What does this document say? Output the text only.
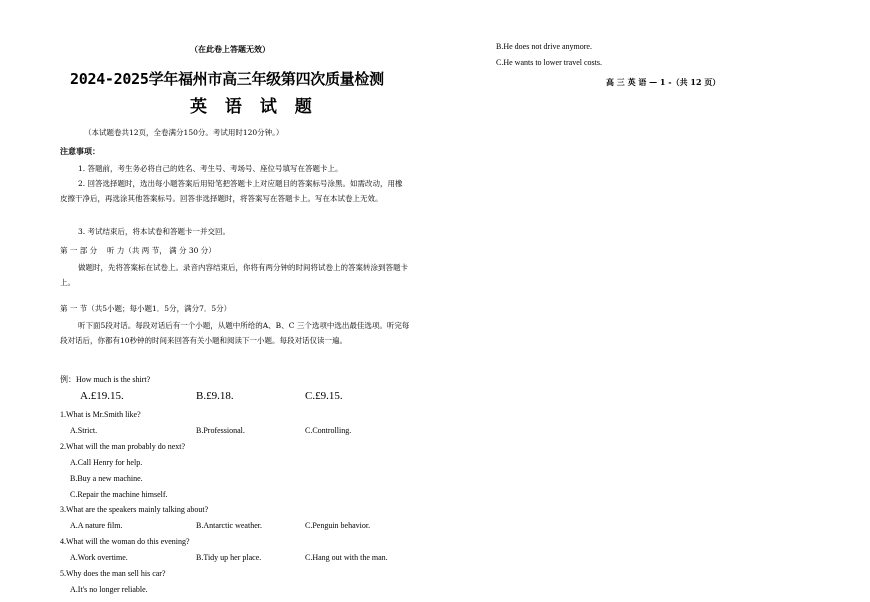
（在此卷上答题无效）
2024-2025学年福州市高三年级第四次质量检测
英 语 试 题
（本试题卷共12页，全卷满分150分。考试用时120分钟。）
注意事项：
1. 答题前，考生务必将自己的姓名、考生号、考场号、座位号填写在答题卡上。
2. 回答选择题时，选出每小题答案后用铅笔把答题卡上对应题目的答案标号涂黑。如需改动，用橡皮擦干净后，再选涂其他答案标号。回答非选择题时，将答案写在答题卡上。写在本试卷上无效。
3. 考试结束后，将本试卷和答题卡一并交回。
第 一 部 分　 听 力（共 两 节， 满 分 30 分）
做题时，先将答案标在试卷上。录音内容结束后，你将有两分钟的时间将试卷上的答案转涂到答题卡上。
第 一 节（共5小题；每小题1．5分，满分7．5分）
听下面5段对话。每段对话后有一个小题，从题中所给的A、B、C 三个选项中选出最佳选项。听完每段对话后，你都有10秒钟的时间来回答有关小题和阅读下一小题。每段对话仅读一遍。
例：How much is the shirt?
A.£19.15.	B.£9.18.	C.£9.15.
1.What is Mr.Smith like?
A.Strict.	B.Professional.	C.Controlling.
2.What will the man probably do next?
A.Call Henry for help.
B.Buy a new machine.
C.Repair the machine himself.
3.What are the speakers mainly talking about?
A.A nature film.	B.Antarctic weather.	C.Penguin behavior.
4.What will the woman do this evening?
A.Work overtime.	B.Tidy up her place.	C.Hang out with the man.
5.Why does the man sell his car?
A.It's no longer reliable.
B.He does not drive anymore.
C.He wants to lower travel costs.
高 三 英 语 — 1 -（共 12 页）
